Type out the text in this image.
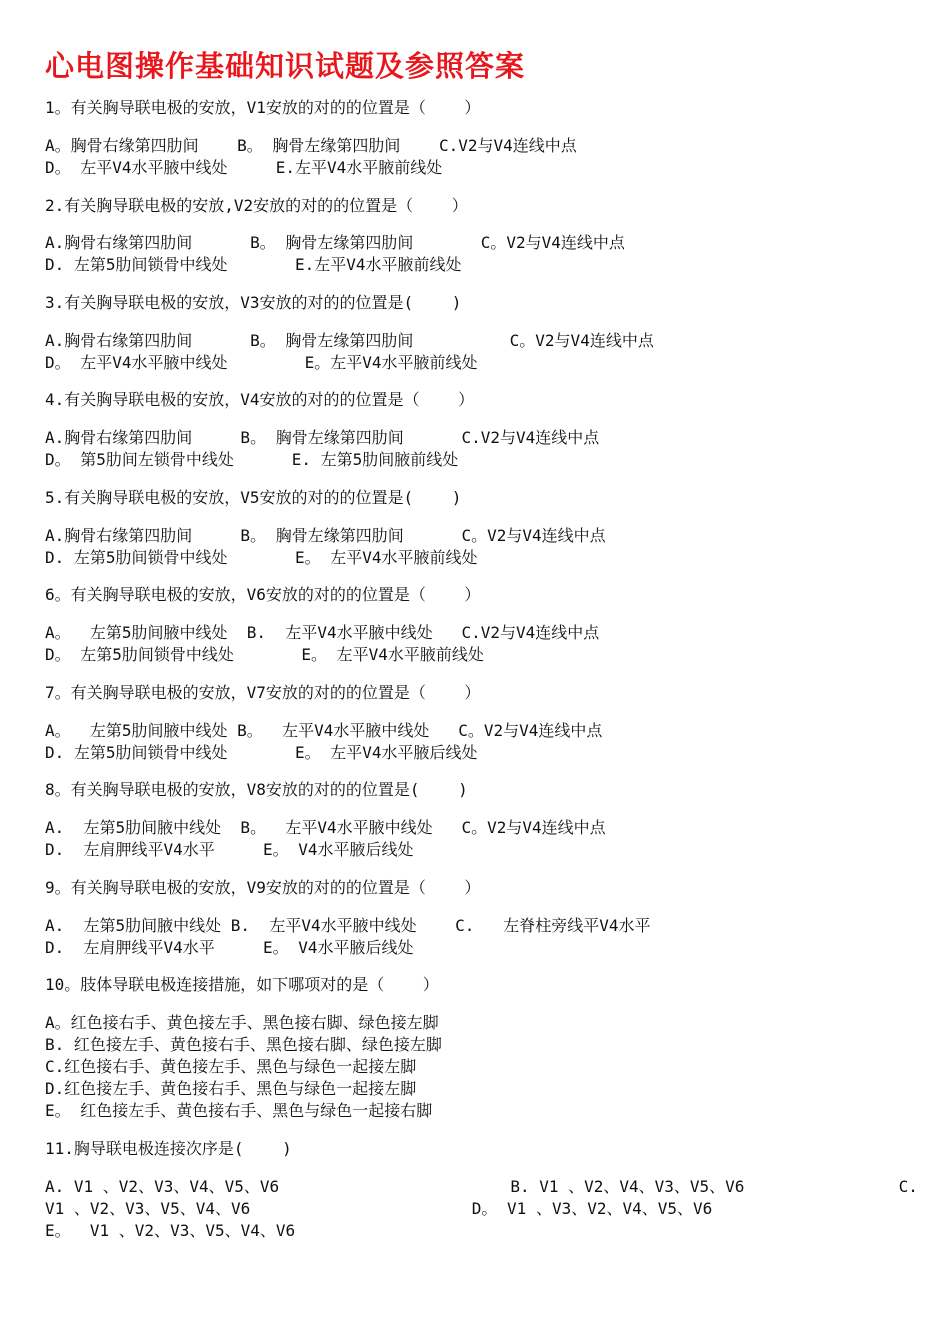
心电图操作基础知识试题及参照答案
1。有关胸导联电极的安放，V1安放的对的的位置是（    ）
A。胸骨右缘第四肋间    B。 胸骨左缘第四肋间    C.V2与V4连线中点
D。 左平V4水平腋中线处     E.左平V4水平腋前线处
2.有关胸导联电极的安放,V2安放的对的的位置是（    ）
A.胸骨右缘第四肋间      B。 胸骨左缘第四肋间       C。V2与V4连线中点
D. 左第5肋间锁骨中线处       E.左平V4水平腋前线处
3.有关胸导联电极的安放，V3安放的对的的位置是(    )
A.胸骨右缘第四肋间      B。 胸骨左缘第四肋间          C。V2与V4连线中点
D。 左平V4水平腋中线处        E。左平V4水平腋前线处
4.有关胸导联电极的安放，V4安放的对的的位置是（    ）
A.胸骨右缘第四肋间     B。 胸骨左缘第四肋间      C.V2与V4连线中点
D。 第5肋间左锁骨中线处      E. 左第5肋间腋前线处
5.有关胸导联电极的安放，V5安放的对的的位置是(    )
A.胸骨右缘第四肋间     B。 胸骨左缘第四肋间      C。V2与V4连线中点
D. 左第5肋间锁骨中线处       E。 左平V4水平腋前线处
6。有关胸导联电极的安放，V6安放的对的的位置是（    ）
A。  左第5肋间腋中线处  B.  左平V4水平腋中线处   C.V2与V4连线中点
D。 左第5肋间锁骨中线处       E。 左平V4水平腋前线处
7。有关胸导联电极的安放，V7安放的对的的位置是（    ）
A。  左第5肋间腋中线处 B。  左平V4水平腋中线处   C。V2与V4连线中点
D. 左第5肋间锁骨中线处       E。 左平V4水平腋后线处
8。有关胸导联电极的安放，V8安放的对的的位置是(    )
A.  左第5肋间腋中线处  B。  左平V4水平腋中线处   C。V2与V4连线中点
D.  左肩胛线平V4水平     E。 V4水平腋后线处
9。有关胸导联电极的安放，V9安放的对的的位置是（    ）
A.  左第5肋间腋中线处 B.  左平V4水平腋中线处    C.   左脊柱旁线平V4水平
D.  左肩胛线平V4水平     E。 V4水平腋后线处
10。肢体导联电极连接措施，如下哪项对的是（    ）
A。红色接右手、黄色接左手、黑色接右脚、绿色接左脚
B. 红色接左手、黄色接右手、黑色接右脚、绿色接左脚
C.红色接右手、黄色接左手、黑色与绿色一起接左脚
D.红色接左手、黄色接右手、黑色与绿色一起接左脚
E。 红色接左手、黄色接右手、黑色与绿色一起接右脚
11.胸导联电极连接次序是(    )
A. V1 、V2、V3、V4、V5、V6                        B. V1 、V2、V4、V3、V5、V6                C.
V1 、V2、V3、V5、V4、V6                       D。 V1 、V3、V2、V4、V5、V6
E。  V1 、V2、V3、V5、V4、V6
